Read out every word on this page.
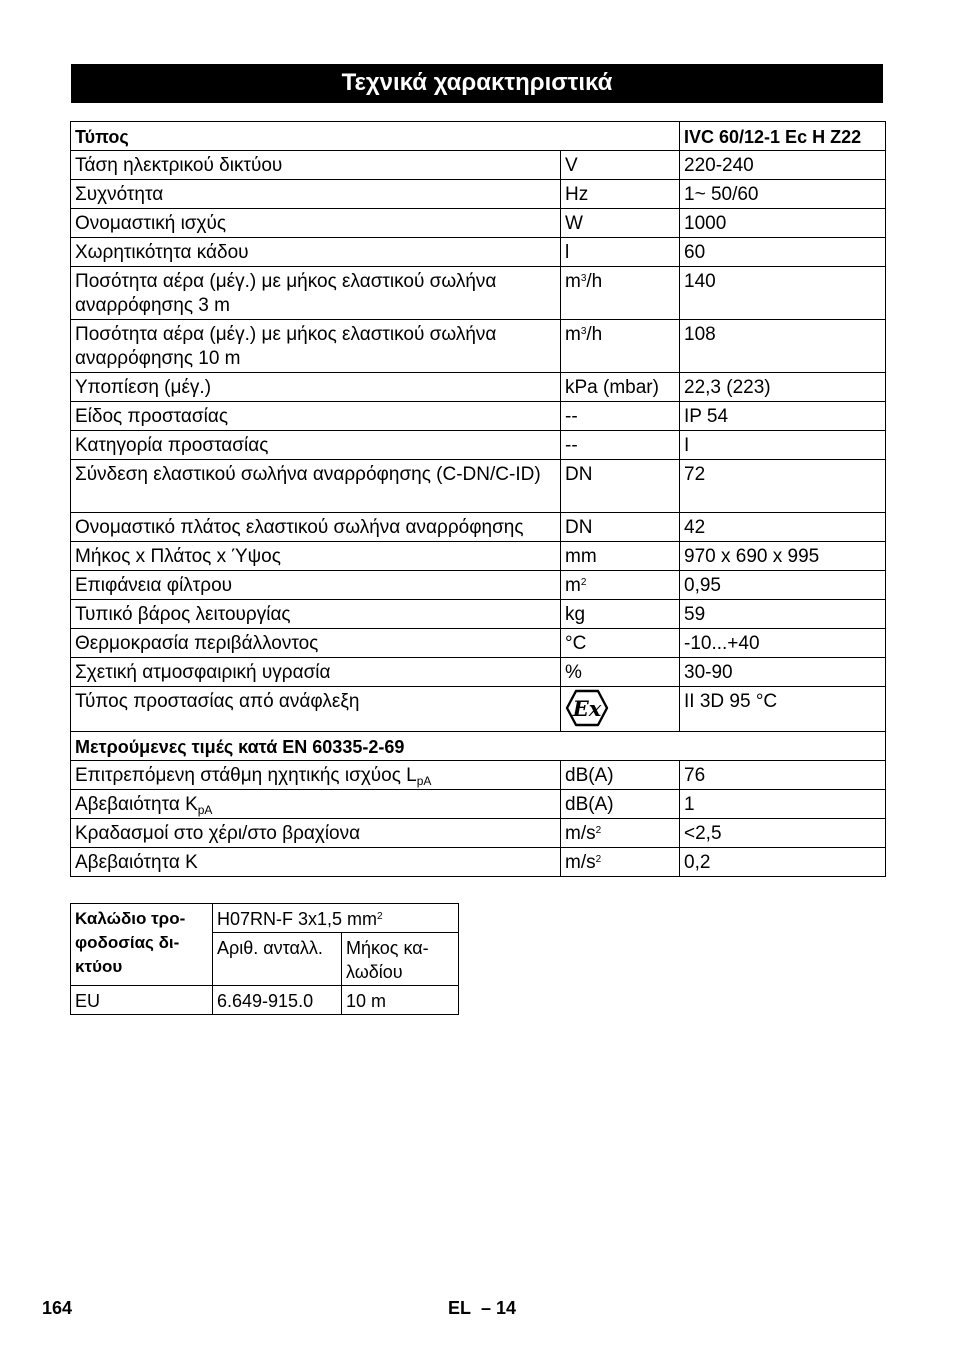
Τεχνικά χαρακτηριστικά
Τύπος		IVC 60/12-1 Ec H Z22
Τάση ηλεκτρικού δικτύου	V	220-240
Συχνότητα	Hz	1~ 50/60
Ονομαστική ισχύς	W	1000
Χωρητικότητα κάδου	l	60
Ποσότητα αέρα (μέγ.) με μήκος ελαστικού σωλήνα αναρρόφησης 3 m	$m^3/h$	140
Ποσότητα αέρα (μέγ.) με μήκος ελαστικού σωλήνα αναρρόφησης 10 m	$m^3/h$	108
Υποπίεση (μέγ.)	kPa (mbar)	22,3 (223)
Είδος προστασίας	--	IP 54
Κατηγορία προστασίας	--	I
Σύνδεση ελαστικού σωλήνα αναρρόφησης (C-DN/C-ID)	DN	72
Ονομαστικό πλάτος ελαστικού σωλήνα αναρρόφησης	DN	42
Μήκος x Πλάτος x Ύψος	mm	970 x 690 x 995
Επιφάνεια φίλτρου	$m^2$	0,95
Τυπικό βάρος λειτουργίας	kg	59
Θερμοκρασία περιβάλλοντος	°C	-10...+40
Σχετική ατμοσφαιρική υγρασία	%	30-90
Τύπος προστασίας από ανάφλεξη	Ex	II 3D 95 °C
Μετρούμενες τιμές κατά EN 60335-2-69		
Επιτρεπόμενη στάθμη ηχητικής ισχύος $L_{pA}$	dB(A)	76
Αβεβαιότητα $K_{pA}$	dB(A)	1
Κραδασμοί στο χέρι/στο βραχίονα	$m/s^2$	<2,5
Αβεβαιότητα K	$m/s^2$	0,2
Καλώδιο τρο-φοδοσίας δι-κτύου	H07RN-F 3x1,5 $mm^2$
	Αριθ. ανταλλ.	Μήκος κα-λωδίου
EU	6.649-915.0	10 m
164	EL – 14
